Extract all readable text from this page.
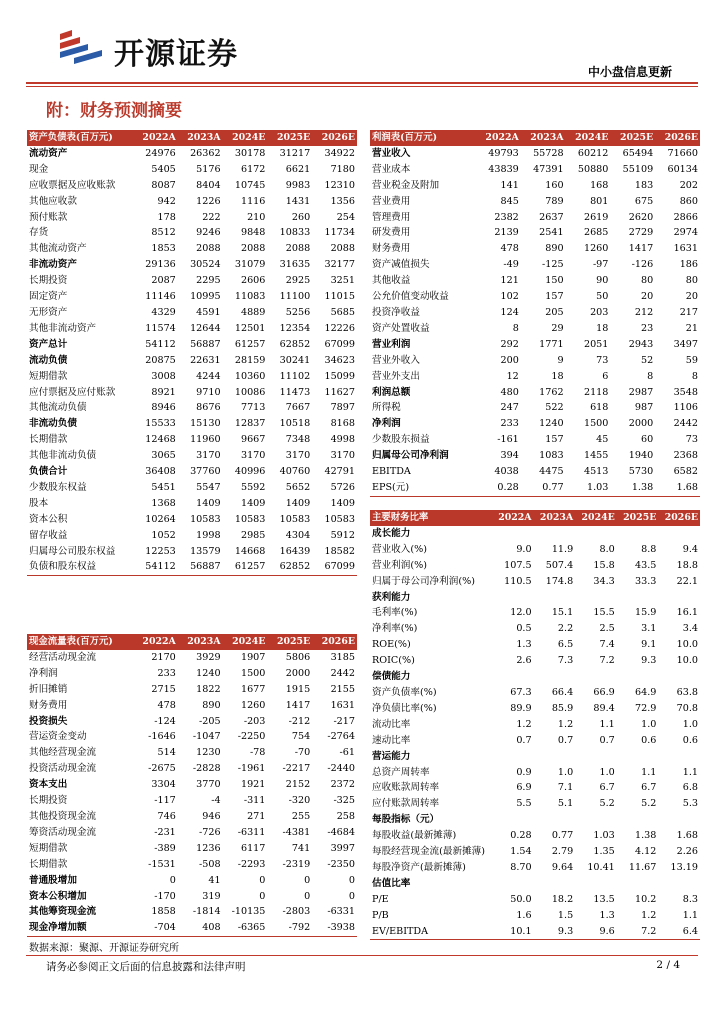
开源证券	中小盘信息更新
附：财务预测摘要
资产负债表(百万元)	2022A	2023A	2024E	2025E	2026E
流动资产	24976	26362	30178	31217	34922
现金	5405	5176	6172	6621	7180
应收票据及应收账款	8087	8404	10745	9983	12310
其他应收款	942	1226	1116	1431	1356
预付账款	178	222	210	260	254
存货	8512	9246	9848	10833	11734
其他流动资产	1853	2088	2088	2088	2088
非流动资产	29136	30524	31079	31635	32177
长期投资	2087	2295	2606	2925	3251
固定资产	11146	10995	11083	11100	11015
无形资产	4329	4591	4889	5256	5685
其他非流动资产	11574	12644	12501	12354	12226
资产总计	54112	56887	61257	62852	67099
流动负债	20875	22631	28159	30241	34623
短期借款	3008	4244	10360	11102	15099
应付票据及应付账款	8921	9710	10086	11473	11627
其他流动负债	8946	8676	7713	7667	7897
非流动负债	15533	15130	12837	10518	8168
长期借款	12468	11960	9667	7348	4998
其他非流动负债	3065	3170	3170	3170	3170
负债合计	36408	37760	40996	40760	42791
少数股东权益	5451	5547	5592	5652	5726
股本	1368	1409	1409	1409	1409
资本公积	10264	10583	10583	10583	10583
留存收益	1052	1998	2985	4304	5912
归属母公司股东权益	12253	13579	14668	16439	18582
负债和股东权益	54112	56887	61257	62852	67099
利润表(百万元)	2022A	2023A	2024E	2025E	2026E
营业收入	49793	55728	60212	65494	71660
营业成本	43839	47391	50880	55109	60134
营业税金及附加	141	160	168	183	202
营业费用	845	789	801	675	860
管理费用	2382	2637	2619	2620	2866
研发费用	2139	2541	2685	2729	2974
财务费用	478	890	1260	1417	1631
资产减值损失	-49	-125	-97	-126	186
其他收益	121	150	90	80	80
公允价值变动收益	102	157	50	20	20
投资净收益	124	205	203	212	217
资产处置收益	8	29	18	23	21
营业利润	292	1771	2051	2943	3497
营业外收入	200	9	73	52	59
营业外支出	12	18	6	8	8
利润总额	480	1762	2118	2987	3548
所得税	247	522	618	987	1106
净利润	233	1240	1500	2000	2442
少数股东损益	-161	157	45	60	73
归属母公司净利润	394	1083	1455	1940	2368
EBITDA	4038	4475	4513	5730	6582
EPS(元)	0.28	0.77	1.03	1.38	1.68
主要财务比率	2022A	2023A	2024E	2025E	2026E
成长能力					
营业收入(%)	9.0	11.9	8.0	8.8	9.4
营业利润(%)	107.5	507.4	15.8	43.5	18.8
归属于母公司净利润(%)	110.5	174.8	34.3	33.3	22.1
获利能力					
毛利率(%)	12.0	15.1	15.5	15.9	16.1
净利率(%)	0.5	2.2	2.5	3.1	3.4
ROE(%)	1.3	6.5	7.4	9.1	10.0
ROIC(%)	2.6	7.3	7.2	9.3	10.0
偿债能力					
资产负债率(%)	67.3	66.4	66.9	64.9	63.8
净负债比率(%)	89.9	85.9	89.4	72.9	70.8
流动比率	1.2	1.2	1.1	1.0	1.0
速动比率	0.7	0.7	0.7	0.6	0.6
营运能力					
总资产周转率	0.9	1.0	1.0	1.1	1.1
应收账款周转率	6.9	7.1	6.7	6.7	6.8
应付账款周转率	5.5	5.1	5.2	5.2	5.3
每股指标（元）					
每股收益(最新摊薄)	0.28	0.77	1.03	1.38	1.68
每股经营现金流(最新摊薄)	1.54	2.79	1.35	4.12	2.26
每股净资产(最新摊薄)	8.70	9.64	10.41	11.67	13.19
估值比率					
P/E	50.0	18.2	13.5	10.2	8.3
P/B	1.6	1.5	1.3	1.2	1.1
EV/EBITDA	10.1	9.3	9.6	7.2	6.4
现金流量表(百万元)	2022A	2023A	2024E	2025E	2026E
经营活动现金流	2170	3929	1907	5806	3185
净利润	233	1240	1500	2000	2442
折旧摊销	2715	1822	1677	1915	2155
财务费用	478	890	1260	1417	1631
投资损失	-124	-205	-203	-212	-217
营运资金变动	-1646	-1047	-2250	754	-2764
其他经营现金流	514	1230	-78	-70	-61
投资活动现金流	-2675	-2828	-1961	-2217	-2440
资本支出	3304	3770	1921	2152	2372
长期投资	-117	-4	-311	-320	-325
其他投资现金流	746	946	271	255	258
筹资活动现金流	-231	-726	-6311	-4381	-4684
短期借款	-389	1236	6117	741	3997
长期借款	-1531	-508	-2293	-2319	-2350
普通股增加	0	41	0	0	0
资本公积增加	-170	319	0	0	0
其他筹资现金流	1858	-1814	-10135	-2803	-6331
现金净增加额	-704	408	-6365	-792	-3938
数据来源：聚源、开源证券研究所
请务必参阅正文后面的信息披露和法律声明	2 / 4
